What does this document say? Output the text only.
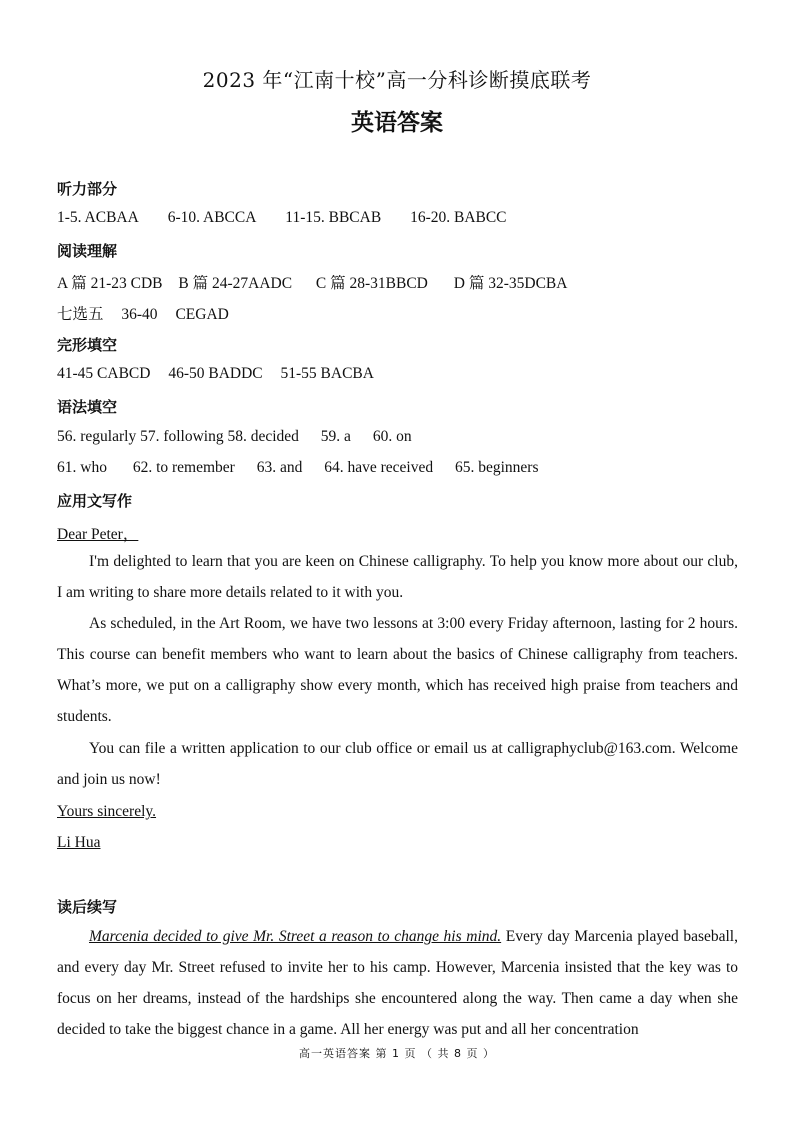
2023 年“江南十校”高一分科诊断摸底联考
英语答案
听力部分
1-5. ACBAA 6-10. ABCCA 11-15. BBCAB 16-20. BABCC
阅读理解
A 篇 21-23 CDB B 篇 24-27AADC C 篇 28-31BBCD D 篇 32-35DCBA
七选五 36-40 CEGAD
完形填空
41-45 CABCD 46-50 BADDC 51-55 BACBA
语法填空
56. regularly 57. following 58. decided 59. a 60. on
61. who 62. to remember 63. and 64. have received 65. beginners
应用文写作
Dear Peter，

I'm delighted to learn that you are keen on Chinese calligraphy. To help you know more about our club, I am writing to share more details related to it with you.

As scheduled, in the Art Room, we have two lessons at 3:00 every Friday afternoon, lasting for 2 hours. This course can benefit members who want to learn about the basics of Chinese calligraphy from teachers. What’s more, we put on a calligraphy show every month, which has received high praise from teachers and students.

You can file a written application to our club office or email us at calligraphyclub@163.com. Welcome and join us now!

Yours sincerely.
Li Hua
读后续写

Marcenia decided to give Mr. Street a reason to change his mind. Every day Marcenia played baseball, and every day Mr. Street refused to invite her to his camp. However, Marcenia insisted that the key was to focus on her dreams, instead of the hardships she encountered along the way. Then came a day when she decided to take the biggest chance in a game. All her energy was put and all her concentration

高一英语答案 第 1 页 （ 共 8 页 ）
